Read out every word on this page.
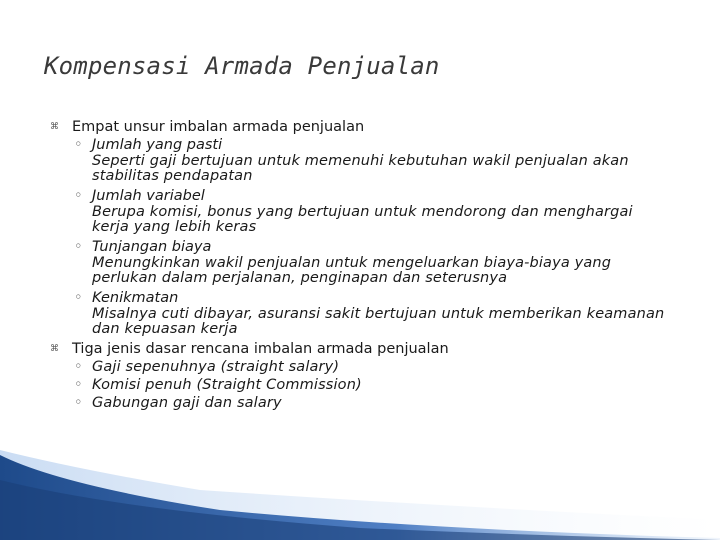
Kompensasi Armada Penjualan
⌘ Empat unsur imbalan armada penjualan
◦ Jumlah yang pasti
Seperti gaji bertujuan untuk memenuhi kebutuhan wakil penjualan akan stabilitas pendapatan
◦ Jumlah variabel
Berupa komisi, bonus yang bertujuan untuk mendorong dan menghargai kerja yang lebih keras
◦ Tunjangan biaya
Menungkinkan wakil penjualan untuk mengeluarkan biaya-biaya yang perlukan dalam perjalanan, penginapan dan seterusnya
◦ Kenikmatan
Misalnya cuti dibayar, asuransi sakit bertujuan untuk memberikan keamanan dan kepuasan kerja
⌘ Tiga jenis dasar rencana imbalan armada penjualan
◦ Gaji sepenuhnya (straight salary)
◦ Komisi penuh (Straight Commission)
◦ Gabungan gaji dan salary
